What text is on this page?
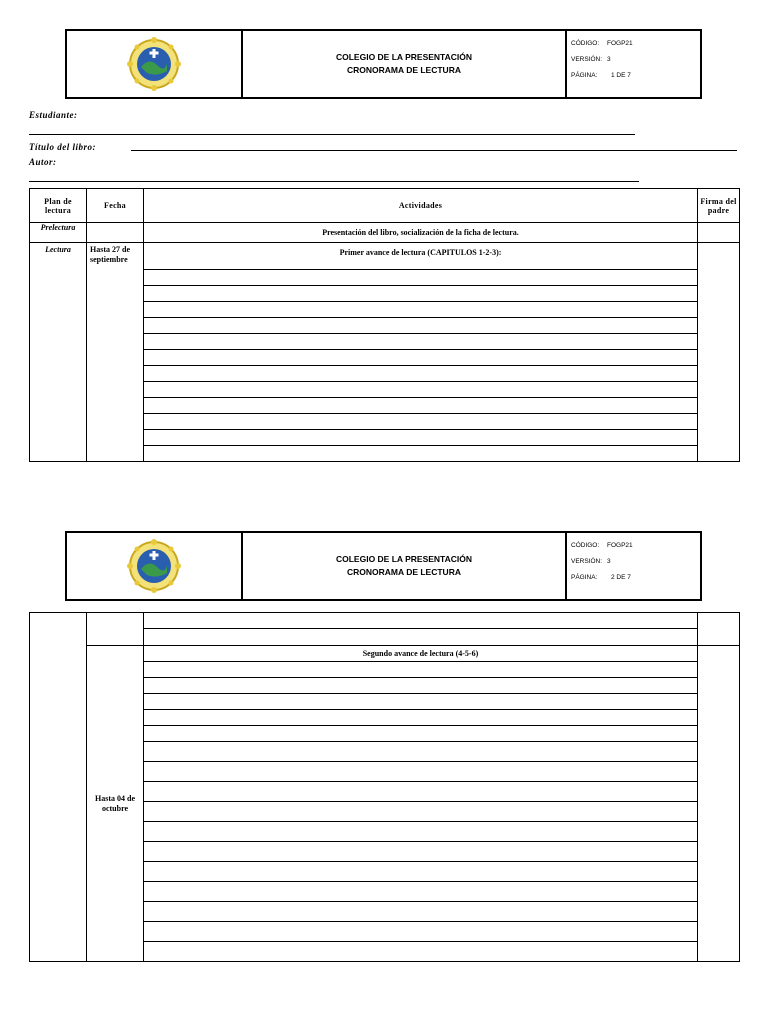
COLEGIO DE LA PRESENTACIÓN
CRONORAMA DE LECTURA
CÓDIGO:	FOGP21
VERSIÓN: 3
PÁGINA:	1 DE 7
Estudiante:
Título del libro:
Autor:
Plan de lectura	Fecha	Actividades	Firma del padre
Prelectura		Presentación del libro, socialización de la ficha de lectura.	
Lectura	Hasta 27 de septiembre	Primer avance de lectura (CAPITULOS 1-2-3):	

COLEGIO DE LA PRESENTACIÓN
CRONORAMA DE LECTURA
CÓDIGO:	FOGP21
VERSIÓN: 3
PÁGINA:	2 DE 7

	Hasta 04 de octubre	Segundo avance de lectura (4-5-6)	
